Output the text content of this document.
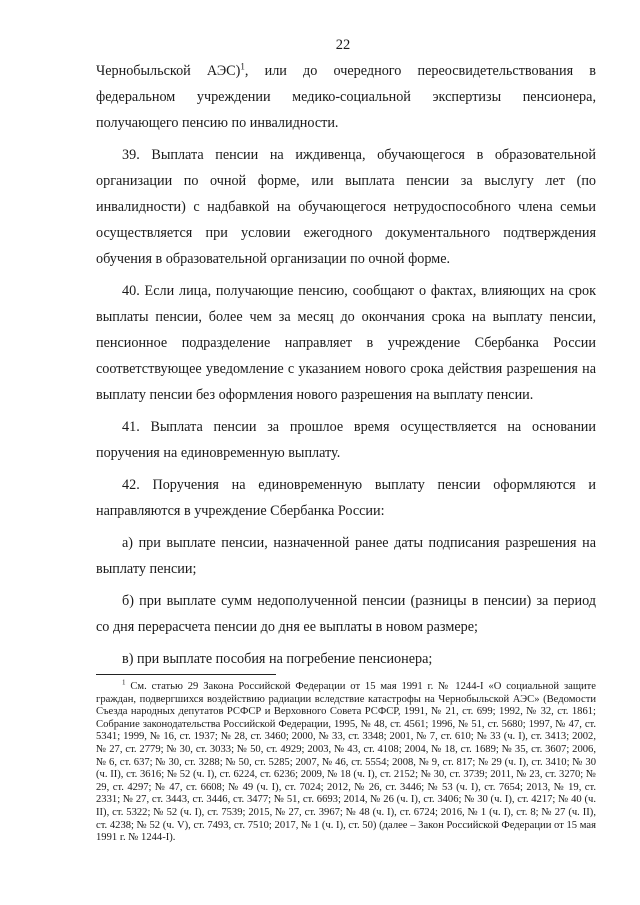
22

Чернобыльской АЭС)$^1$, или до очередного переосвидетельствования в федеральном учреждении медико-социальной экспертизы пенсионера, получающего пенсию по инвалидности.

39. Выплата пенсии на иждивенца, обучающегося в образовательной организации по очной форме, или выплата пенсии за выслугу лет (по инвалидности) с надбавкой на обучающегося нетрудоспособного члена семьи осуществляется при условии ежегодного документального подтверждения обучения в образовательной организации по очной форме.

40. Если лица, получающие пенсию, сообщают о фактах, влияющих на срок выплаты пенсии, более чем за месяц до окончания срока на выплату пенсии, пенсионное подразделение направляет в учреждение Сбербанка России соответствующее уведомление с указанием нового срока действия разрешения на выплату пенсии без оформления нового разрешения на выплату пенсии.

41. Выплата пенсии за прошлое время осуществляется на основании поручения на единовременную выплату.

42. Поручения на единовременную выплату пенсии оформляются и направляются в учреждение Сбербанка России:

а) при выплате пенсии, назначенной ранее даты подписания разрешения на выплату пенсии;

б) при выплате сумм недополученной пенсии (разницы в пенсии) за период со дня перерасчета пенсии до дня ее выплаты в новом размере;

в) при выплате пособия на погребение пенсионера;

$^1$ См. статью 29 Закона Российской Федерации от 15 мая 1991 г. № 1244-I «О социальной защите граждан, подвергшихся воздействию радиации вследствие катастрофы на Чернобыльской АЭС» (Ведомости Съезда народных депутатов РСФСР и Верховного Совета РСФСР, 1991, № 21, ст. 699; 1992, № 32, ст. 1861; Собрание законодательства Российской Федерации, 1995, № 48, ст. 4561; 1996, № 51, ст. 5680; 1997, № 47, ст. 5341; 1999, № 16, ст. 1937; № 28, ст. 3460; 2000, № 33, ст. 3348; 2001, № 7, ст. 610; № 33 (ч. I), ст. 3413; 2002, № 27, ст. 2779; № 30, ст. 3033; № 50, ст. 4929; 2003, № 43, ст. 4108; 2004, № 18, ст. 1689; № 35, ст. 3607; 2006, № 6, ст. 637; № 30, ст. 3288; № 50, ст. 5285; 2007, № 46, ст. 5554; 2008, № 9, ст. 817; № 29 (ч. I), ст. 3410; № 30 (ч. II), ст. 3616; № 52 (ч. I), ст. 6224, ст. 6236; 2009, № 18 (ч. I), ст. 2152; № 30, ст. 3739; 2011, № 23, ст. 3270; № 29, ст. 4297; № 47, ст. 6608; № 49 (ч. I), ст. 7024; 2012, № 26, ст. 3446; № 53 (ч. I), ст. 7654; 2013, № 19, ст. 2331; № 27, ст. 3443, ст. 3446, ст. 3477; № 51, ст. 6693; 2014, № 26 (ч. I), ст. 3406; № 30 (ч. I), ст. 4217; № 40 (ч. II), ст. 5322; № 52 (ч. I), ст. 7539; 2015, № 27, ст. 3967; № 48 (ч. I), ст. 6724; 2016, № 1 (ч. I), ст. 8; № 27 (ч. II), ст. 4238; № 52 (ч. V), ст. 7493, ст. 7510; 2017, № 1 (ч. I), ст. 50) (далее – Закон Российской Федерации от 15 мая 1991 г. № 1244-I).
